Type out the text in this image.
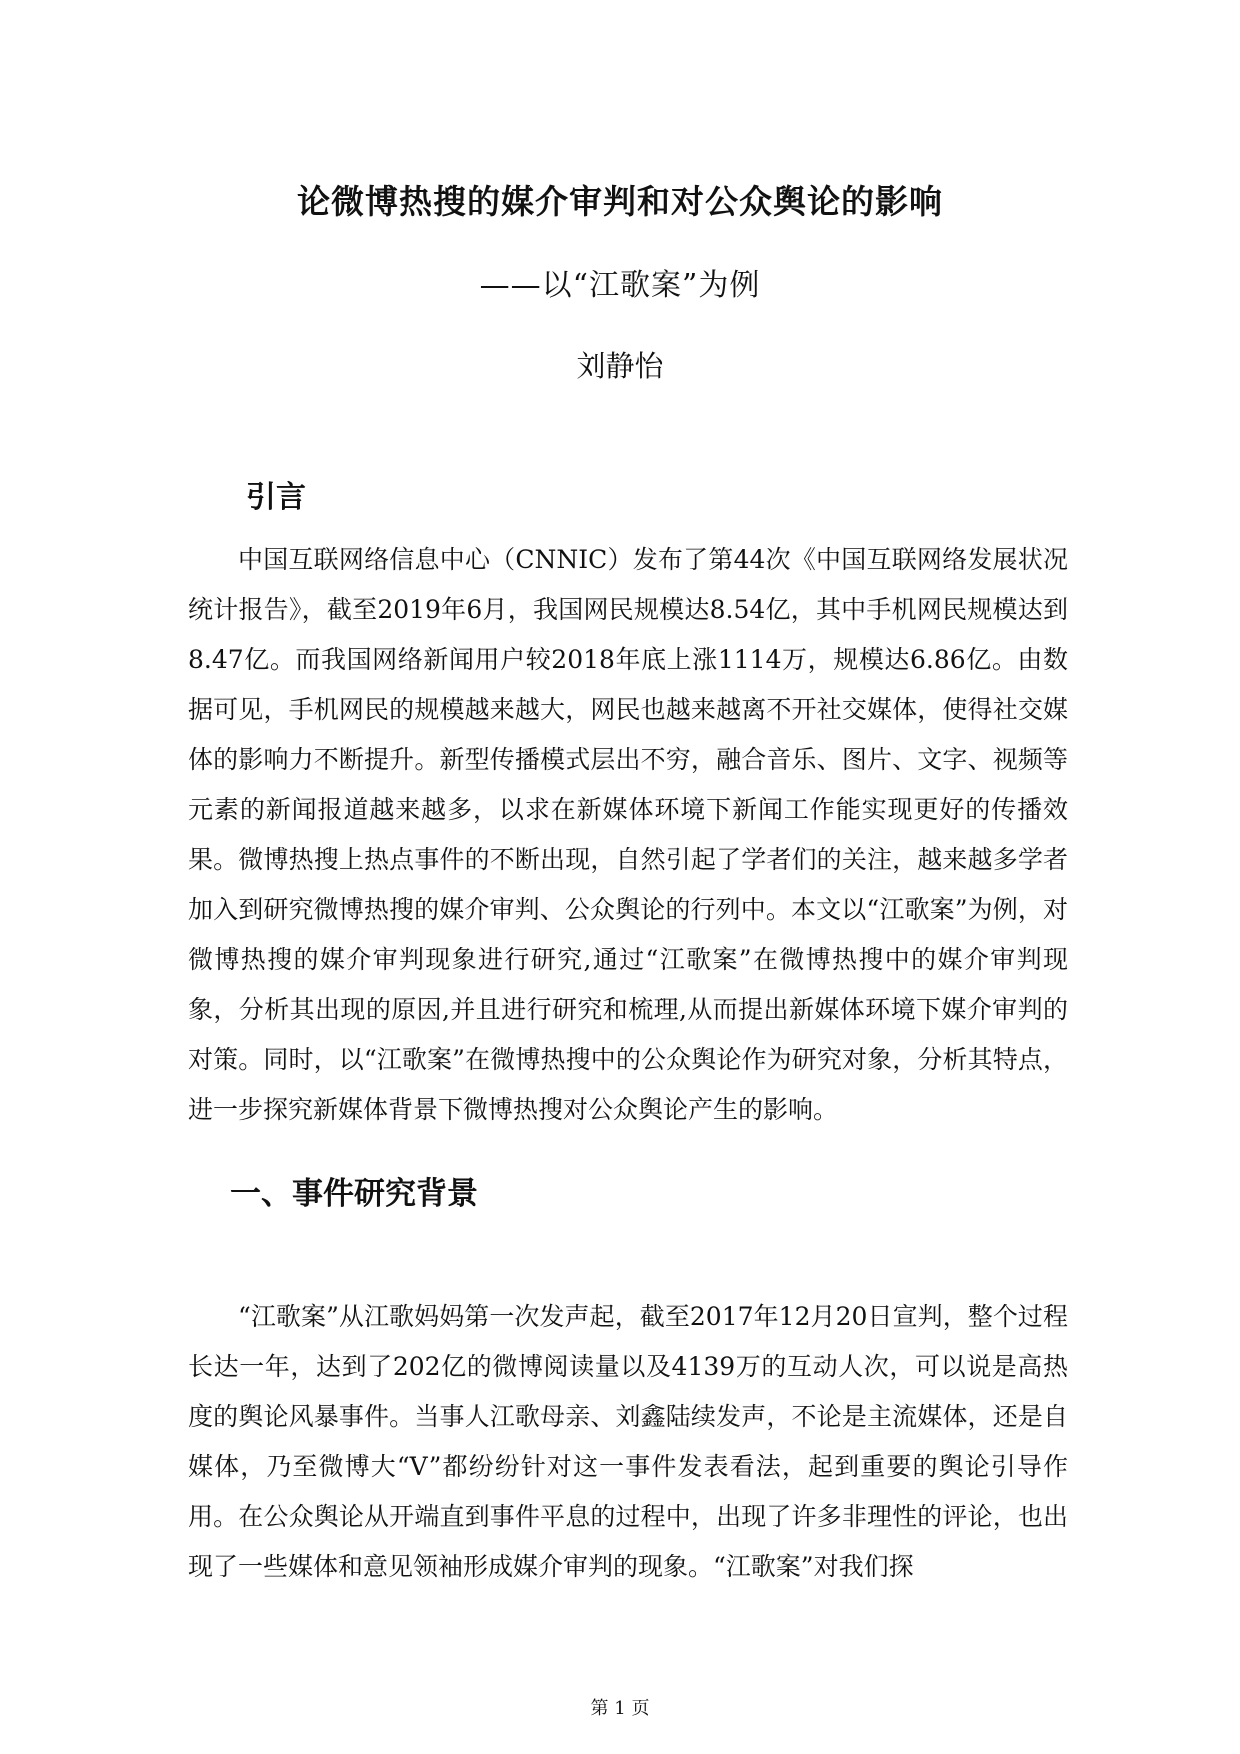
论微博热搜的媒介审判和对公众舆论的影响
——以“江歌案”为例
刘静怡
引言

中国互联网络信息中心（CNNIC）发布了第44次《中国互联网络发展状况统计报告》，截至2019年6月，我国网民规模达8.54亿，其中手机网民规模达到8.47亿。而我国网络新闻用户较2018年底上涨1114万，规模达6.86亿。由数据可见，手机网民的规模越来越大，网民也越来越离不开社交媒体，使得社交媒体的影响力不断提升。新型传播模式层出不穷，融合音乐、图片、文字、视频等元素的新闻报道越来越多，以求在新媒体环境下新闻工作能实现更好的传播效果。微博热搜上热点事件的不断出现，自然引起了学者们的关注，越来越多学者加入到研究微博热搜的媒介审判、公众舆论的行列中。本文以“江歌案”为例，对微博热搜的媒介审判现象进行研究,通过“江歌案”在微博热搜中的媒介审判现象，分析其出现的原因,并且进行研究和梳理,从而提出新媒体环境下媒介审判的对策。同时，以“江歌案”在微博热搜中的公众舆论作为研究对象，分析其特点，进一步探究新媒体背景下微博热搜对公众舆论产生的影响。

一、事件研究背景

“江歌案”从江歌妈妈第一次发声起，截至2017年12月20日宣判，整个过程长达一年，达到了202亿的微博阅读量以及4139万的互动人次，可以说是高热度的舆论风暴事件。当事人江歌母亲、刘鑫陆续发声，不论是主流媒体，还是自媒体，乃至微博大“V”都纷纷针对这一事件发表看法，起到重要的舆论引导作用。在公众舆论从开端直到事件平息的过程中，出现了许多非理性的评论，也出现了一些媒体和意见领袖形成媒介审判的现象。“江歌案”对我们探

第 1 页
